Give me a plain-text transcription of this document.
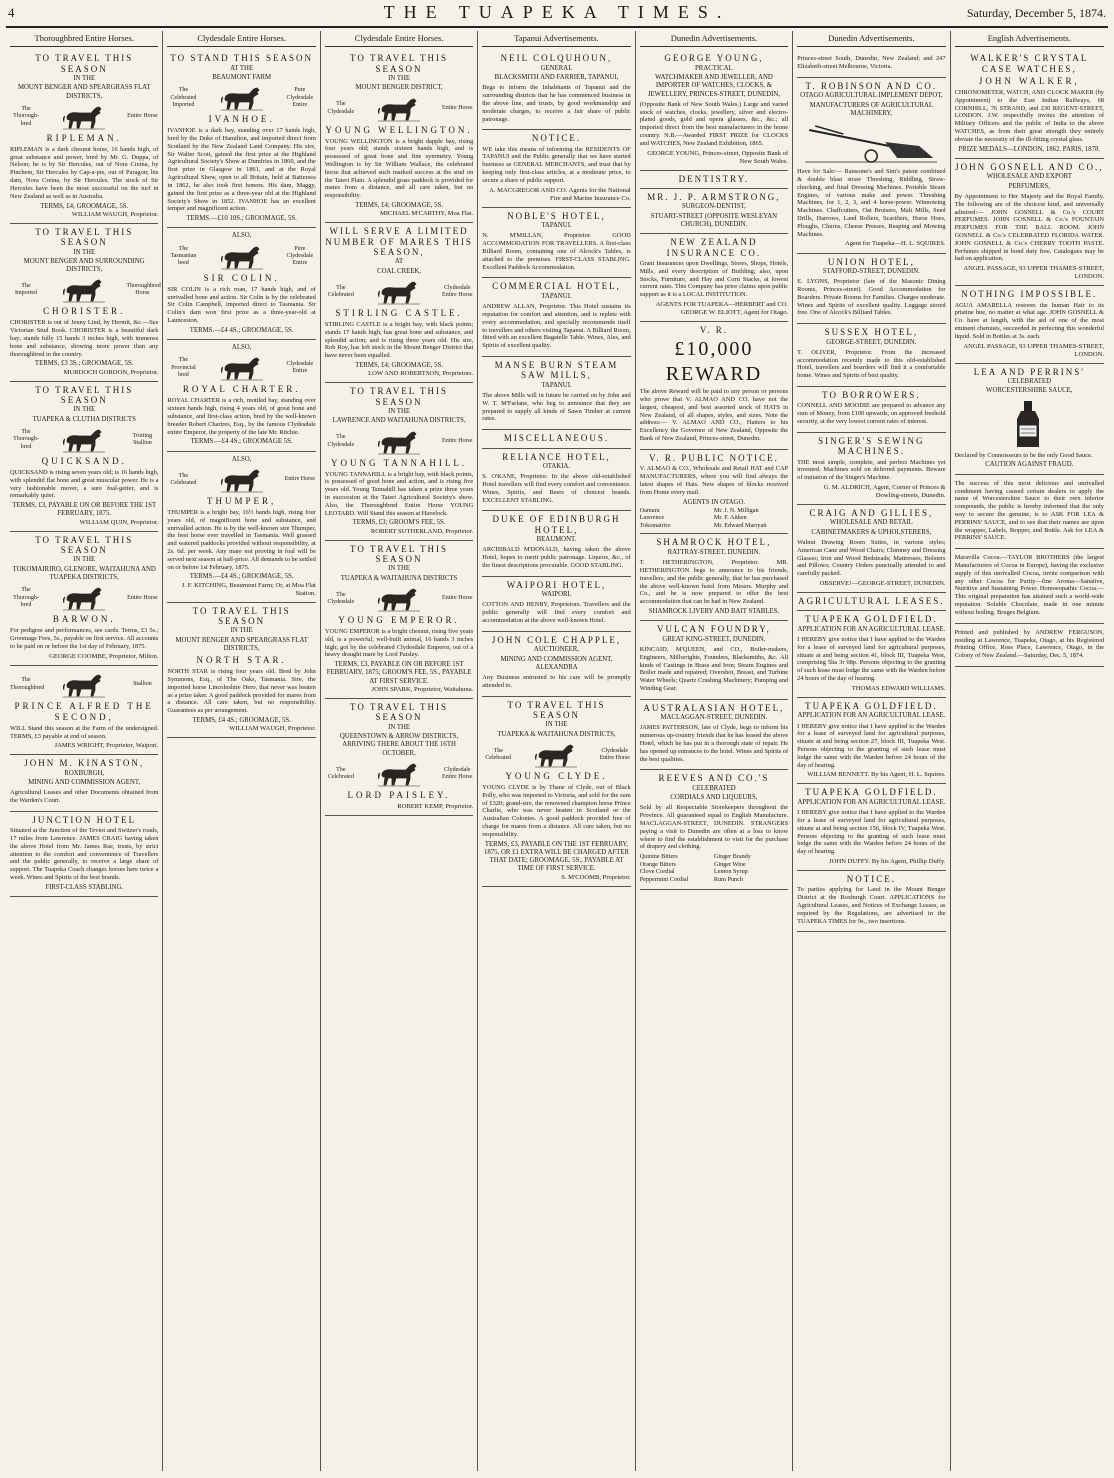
4	THE TUAPEKA TIMES.	Saturday, December 5, 1874.
Thoroughbred Entire Horses.
TO TRAVEL THIS SEASON
IN THE
MOUNT BENGER AND SPEARGRASS FLAT DISTRICTS,
The Thorough-bred
Entire Horse
RIPLEMAN.
RIPLEMAN is a dark chesnut horse, 16 hands high, of great substance and power, bred by Mr. G. Duppa, of Nelson; he is by Sir Hercules, out of Nora Creina, by Pinchem, Sir Hercules by Cap-a-pie, out of Paragon; his dam, Nora Creina, by Sir Hercules. The stock of Sir Hercules have been the most successful on the turf in New Zealand as well as in Australia.
TERMS, £4; GROOMAGE, 5S.
WILLIAM WAUGH, Proprietor.
TO TRAVEL THIS SEASON
IN THE
MOUNT BENGER AND SURROUNDING DISTRICTS,
The Imported
Thoroughbred Horse
CHORISTER.
CHORISTER is out of Jenny Lind, by Hermit, &c.—See Victorian Stud Book. CHORISTER is a beautiful dark bay; stands fully 15 hands 3 inches high, with immense bone and substance, showing more power than any thoroughbred in the country.
TERMS, £3 3S.; GROOMAGE, 5S.
MURDOCH GORDON, Proprietor.
TO TRAVEL THIS SEASON
IN THE
TUAPEKA & CLUTHA DISTRICTS
The Thorough-bred
Trotting Stallion
QUICKSAND.
QUICKSAND is rising seven years old; is 16 hands high, with splendid flat bone and great muscular power. He is a very fashionable mover, a sure foal-getter, and is remarkably quiet.
TERMS, £3, PAYABLE ON OR BEFORE THE 1ST FEBRUARY, 1875.
WILLIAM QUIN, Proprietor.
TO TRAVEL THIS SEASON
IN THE
TOKOMAIRIRO, GLENORE, WAITAHUNA AND TUAPEKA DISTRICTS,
The Thorough-bred
Entire Horse
BARWON.
For pedigree and performances, see cards. Terms, £3 5s.; Groomage Fees, 5s., payable on first service. All accounts to be paid on or before the 1st day of February, 1875.
GEORGE COOMBE, Proprietor, Milton.
The Thoroughbred
Stallion
PRINCE ALFRED THE SECOND,
WILL Stand this season at the Farm of the undersigned. TERMS, £3 payable at end of season.
JAMES WRIGHT, Proprietor, Waipori.
JOHN M. KINASTON,
ROXBURGH,
MINING AND COMMISSION AGENT,
Agricultural Leases and other Documents obtained from the Warden's Court.
JUNCTION HOTEL
Situated at the Junction of the Teviot and Switzer's roads, 17 miles from Lawrence. JAMES CRAIG having taken the above Hotel from Mr. James Rae, trusts, by strict attention to the comfort and convenience of Travellers and the public generally, to receive a large share of support. The Tuapeka Coach changes horses here twice a week. Wines and Spirits of the best brands.
FIRST-CLASS STABLING.
Clydesdale Entire Horses.
TO STAND THIS SEASON
AT THE
BEAUMONT FARM
The Celebrated Imported
Pure Clydesdale Entire
IVANHOE.
IVANHOE is a dark bay, standing over 17 hands high, bred by the Duke of Hamilton, and imported direct from Scotland by the New Zealand Land Company. His sire, Sir Walter Scott, gained the first prize at the Highland Agricultural Society's Show at Dumfries in 1860, and the first prize in Glasgow in 1861, and at the Royal Agricultural Show, open to all Britain, held at Battersea in 1862, he also took first honors. His dam, Maggy, gained the first prize as a three-year old at the Highland Society's Show in 1852. IVANHOE has an excellent temper and magnificent action.
TERMS.—£10 10S.; GROOMAGE, 5S.
ALSO,
The Tasmanian bred
Pure Clydesdale Entire
SIR COLIN.
SIR COLIN is a rich roan, 17 hands high, and of unrivalled bone and action. Sir Colin is by the celebrated Sir Colin Campbell, imported direct to Tasmania. Sir Colin's dam won first prize as a three-year-old at Launceston.
TERMS.—£4 4S.; GROOMAGE, 5S.
ALSO,
The Provincial bred
Clydesdale Entire
ROYAL CHARTER.
ROYAL CHARTER is a rich, mottled bay, standing over sixteen hands high, rising 4 years old, of great bone and substance, and first-class action, bred by the well-known breeder Robert Chartres, Esq., by the famous Clydesdale entire Emperor, the property of the late Mr. Ritchie.
TERMS.—£4 4S.; GROOMAGE 5S.
ALSO,
The Celebrated
Entire Horse
THUMPER,
THUMPER is a bright bay, 16½ hands high, rising four years old, of magnificent bone and substance, and unrivalled action. He is by the well-known sire Thumper, the best horse ever travelled in Tasmania. Well grassed and watered paddocks provided without responsibility, at 2s. 6d. per week. Any mare not proving in foal will be served next season at half-price. All demands to be settled on or before 1st February, 1875.
TERMS.—£4 4S.; GROOMAGE, 5S.
J. F. KITCHING, Beaumont Farm; Or, at Moa Flat Station.
TO TRAVEL THIS SEASON
IN THE
MOUNT BENGER AND SPEARGRASS FLAT DISTRICTS,
NORTH STAR.
NORTH STAR is rising four years old. Bred by John Symmons, Esq., of The Oaks, Tasmania. Sire, the imported horse Lincolnshire Hero, that never was beaten as a prize taker. A good paddock provided for mares from a distance. All care taken, but no responsibility. Guarantees as per arrangement.
TERMS, £4 4S.; GROOMAGE, 5S.
WILLIAM WAUGH, Proprietor.
Clydesdale Entire Horses.
TO TRAVEL THIS SEASON
IN THE
MOUNT BENGER DISTRICT,
The Clydesdale
Entire Horse
YOUNG WELLINGTON.
YOUNG WELLINGTON is a bright dapple bay, rising four years old; stands sixteen hands high, and is possessed of great bone and fine symmetry. Young Wellington is by Sir William Wallace, the celebrated horse that achieved such marked success at the stud on the Taieri Plain. A splendid grass paddock is provided for mares from a distance, and all care taken, but no responsibility.
TERMS, £4; GROOMAGE, 5S.
MICHAEL M'CARTHY, Moa Flat.
WILL SERVE A LIMITED NUMBER OF MARES THIS SEASON,
AT
COAL CREEK,
The Celebrated
Clydesdale Entire Horse
STIRLING CASTLE.
STIRLING CASTLE is a bright bay, with black points; stands 17 hands high; has great bone and substance, and splendid action; and is rising three years old. His sire, Rob Roy, has left stock in the Mount Benger District that have never been equalled.
TERMS, £4; GROOMAGE, 5S.
LOW AND ROBERTSON, Proprietors.
TO TRAVEL THIS SEASON
IN THE
LAWRENCE AND WAITAHUNA DISTRICTS,
The Clydesdale
Entire Horse
YOUNG TANNAHILL.
YOUNG TANNAHILL is a bright bay, with black points, is possessed of good bone and action, and is rising five years old. Young Tannahill has taken a prize three years in succession at the Taieri Agricultural Society's show. Also, the Thoroughbred Entire Horse YOUNG LEOTARD. Will Stand this season at Havelock.
TERMS, £3; GROOM'S FEE, 5S.
ROBERT SUTHERLAND, Proprietor.
TO TRAVEL THIS SEASON
IN THE
TUAPEKA & WAITAHUNA DISTRICTS
The Clydesdale
Entire Horse
YOUNG EMPEROR.
YOUNG EMPEROR is a bright chesnut, rising five years old, is a powerful, well-built animal, 16 hands 3 inches high; got by the celebrated Clydesdale Emperor, out of a heavy draught mare by Lord Paisley.
TERMS, £3, PAYABLE ON OR BEFORE 1ST FEBRUARY, 1875; GROOM'S FEE, 5S., PAYABLE AT FIRST SERVICE.
JOHN SPARK, Proprietor, Waitahuna.
TO TRAVEL THIS SEASON
IN THE
QUEENSTOWN & ARROW DISTRICTS, ARRIVING THERE ABOUT THE 16TH OCTOBER,
The Celebrated
Clydesdale Entire Horse
LORD PAISLEY.
ROBERT KEMP, Proprietor.
Tapanui Advertisements.
NEIL COLQUHOUN,
GENERAL
BLACKSMITH AND FARRIER, TAPANUI,
Begs to inform the Inhabitants of Tapanui and the surrounding districts that he has commenced business in the above line, and trusts, by good workmanship and moderate charges, to receive a fair share of public patronage.
NOTICE.
WE take this means of informing the RESIDENTS OF TAPANUI and the Public generally that we have started business as GENERAL MERCHANTS, and trust that by keeping only first-class articles, at a moderate price, to secure a share of public support.
A. MACGREGOR AND CO. Agents for the National Fire and Marine Insurance Co.
NOBLE'S HOTEL,
TAPANUI.
N. M'MILLAN, Proprietor. GOOD ACCOMMODATION FOR TRAVELLERS. A first-class Billiard Room, containing one of Alcock's Tables, is attached to the premises. FIRST-CLASS STABLING. Excellent Paddock Accommodation.
COMMERCIAL HOTEL,
TAPANUI.
ANDREW ALLAN, Proprietor. This Hotel sustains its reputation for comfort and attention, and is replete with every accommodation, and specially recommends itself to travellers and others visiting Tapanui. A Billiard Room, fitted with an excellent Bagatelle Table. Wines, Ales, and Spirits of excellent quality.
MANSE BURN STEAM SAW MILLS,
TAPANUI.
The above Mills will in future be carried on by John and W. T. M'Farlane, who beg to announce that they are prepared to supply all kinds of Sawn Timber at current rates.
MISCELLANEOUS.
RELIANCE HOTEL,
OTAKIA.
S. O'KANE, Proprietor. In the above old-established Hotel travellers will find every comfort and convenience. Wines, Spirits, and Beers of choicest brands. EXCELLENT STABLING.
DUKE OF EDINBURGH HOTEL,
BEAUMONT.
ARCHIBALD M'DONALD, having taken the above Hotel, hopes to merit public patronage. Liquors, &c., of the finest descriptions procurable. GOOD STABLING.
WAIPORI HOTEL,
WAIPORI.
COTTON AND HENRY, Proprietors. Travellers and the public generally will find every comfort and accommodation at the above well-known Hotel.
JOHN COLE CHAPPLE,
AUCTIONEER,
MINING AND COMMISSION AGENT, ALEXANDRA
Any Business entrusted to his care will be promptly attended to.
TO TRAVEL THIS SEASON
IN THE
TUAPEKA & WAITAHUNA DISTRICTS,
The Celebrated
Clydesdale Entire Horse
YOUNG CLYDE.
YOUNG CLYDE is by Thane of Clyde, out of Black Polly, who was imported to Victoria, and sold for the sum of £320; grand-sire, the renowned champion horse Prince Charlie, who was never beaten in Scotland or the Australian Colonies. A good paddock provided free of charge for mares from a distance. All care taken, but no responsibility.
TERMS, £3, PAYABLE ON THE 1ST FEBRUARY, 1875, OR £1 EXTRA WILL BE CHARGED AFTER THAT DATE; GROOMAGE, 5S., PAYABLE AT TIME OF FIRST SERVICE.
S. M'COOMB, Proprietor.
Dunedin Advertisements.
GEORGE YOUNG,
PRACTICAL
WATCHMAKER AND JEWELLER, AND IMPORTER OF WATCHES, CLOCKS, & JEWELLERY, PRINCES-STREET, DUNEDIN,
(Opposite Bank of New South Wales.) Large and varied stock of watches, clocks, jewellery, silver and electro-plated goods, gold and opera glasses, &c., &c.; all imported direct from the best manufacturers in the home country. N.B.—Awarded FIRST PRIZE for CLOCKS and WATCHES, New Zealand Exhibition, 1865.
GEORGE YOUNG, Princes-street, Opposite Bank of New South Wales.
DENTISTRY.
MR. J. P. ARMSTRONG,
SURGEON-DENTIST,
STUART-STREET (OPPOSITE WESLEYAN CHURCH), DUNEDIN.
NEW ZEALAND INSURANCE CO.
Grant Insurances upon Dwellings, Stores, Shops, Hotels, Mills, and every description of Building; also, upon Stocks, Furniture, and Hay and Corn Stacks, at lowest current rates. This Company has prior claims upon public support as it is a LOCAL INSTITUTION.
AGENTS FOR TUAPEKA—HERBERT and CO. GEORGE W. ELIOTT, Agent for Otago.
V. R.
£10,000 REWARD
The above Reward will be paid to any person or persons who prove that V. ALMAO AND CO. have not the largest, cheapest, and best assorted stock of HATS in New Zealand, of all shapes, styles, and sizes. Note the address:— V. ALMAO AND CO., Hatters to his Excellency the Governor of New Zealand, Opposite the Bank of New Zealand, Princes-street, Dunedin.
V. R. PUBLIC NOTICE.
V. ALMAO & CO., Wholesale and Retail HAT and CAP MANUFACTURERS, where you will find always the latest shapes of Hats. New shapes of blocks received from Home every mail.
AGENTS IN OTAGO.
Oamaru	Mr. J. N. Milligan
Lawrence	Mr. F. Aitken
Tokomairiro	Mr. Edward Marryatt
SHAMROCK HOTEL,
RATTRAY-STREET, DUNEDIN.
T. HETHERINGTON, Proprietor. MR. HETHERINGTON begs to announce to his friends, travellers, and the public generally, that he has purchased the above well-known hotel from Messrs. Murphy and Co., and he is now prepared to offer the best accommodation that can be had in New Zealand.
SHAMROCK LIVERY AND BAIT STABLES.
VULCAN FOUNDRY,
GREAT KING-STREET, DUNEDIN.
KINCAID, M'QUEEN, and CO., Boiler-makers, Engineers, Millwrights, Founders, Blacksmiths, &c. All kinds of Castings in Brass and Iron; Steam Engines and Boiler made and repaired; Overshot, Breast, and Turbine Water Wheels; Quartz Crushing Machinery; Pumping and Winding Gear.
AUSTRALASIAN HOTEL,
MACLAGGAN-STREET, DUNEDIN.
JAMES PATTERSON, late of Clyde, begs to inform his numerous up-country friends that he has leased the above Hotel, which he has put in a thorough state of repair. He has opened up entrances to the hotel. Wines and Spirits of the best qualities.
REEVES AND CO.'S
CELEBRATED
CORDIALS AND LIQUEURS,
Sold by all Respectable Storekeepers throughout the Province. All guaranteed equal to English Manufacture. MACLAGGAN-STREET, DUNEDIN. STRANGERS paying a visit to Dunedin are often at a loss to know where to find the establishment to visit for the purchase of drapery and clothing.
Quinine Bitters	Ginger Brandy
Orange Bitters	Ginger Wine
Clove Cordial	Lemon Syrup
Peppermint Cordial	Rum Punch
Dunedin Advertisements.
Princes-street South, Dunedin, New Zealand; and 247 Elizabeth-street Melbourne, Victoria.
T. ROBINSON AND CO.
OTAGO AGRICULTURAL IMPLEMENT DEPOT,
MANUFACTURERS OF AGRICULTURAL MACHINERY,
Have for Sale:— Ransome's and Sim's patent combined & double blast straw Threshing, Riddling, Straw-chucking, and final Dressing Machines. Portable Steam Engines, of various make and power. Threshing Machines, for 1, 2, 3, and 4 horse-power. Winnowing Machines. Chaffcutters, Oat Bruisers, Malt Mills, Seed Drills, Harrows, Land Rollers, Scarifiers, Horse Hoes, Ploughs, Churns, Cheese Presses, Reaping and Mowing Machines.
Agent for Tuapeka—H. L. SQUIRES.
UNION HOTEL,
STAFFORD-STREET, DUNEDIN.
E. LYONS, Proprietor (late of the Masonic Dining Rooms, Princes-street). Good Accommodation for Boarders. Private Rooms for Families. Charges moderate. Wines and Spirits of excellent quality. Luggage stored free. One of Alcock's Billiard Tables.
SUSSEX HOTEL,
GEORGE-STREET, DUNEDIN.
T. OLIVER, Proprietor. From the increased accommodation recently made to this old-established Hotel, travellers and boarders will find it a comfortable home. Wines and Spirits of best quality.
TO BORROWERS.
CONNELL AND MOODIE are prepared to advance any sum of Money, from £100 upwards, on approved freehold security, at the very lowest current rates of interest.
SINGER'S SEWING MACHINES.
THE most simple, complete, and perfect Machines yet invented. Machines sold on deferred payments. Beware of imitation of the Singer's Machine.
G. M. ALDRICH, Agent, Corner of Princes & Dowling-streets, Dunedin.
CRAIG AND GILLIES,
WHOLESALE AND RETAIL
CABINETMAKERS & UPHOLSTERERS,
Walnut Drawing Room Suites, in various styles; American Cane and Wood Chairs; Chimney and Dressing Glasses; Iron and Wood Bedsteads; Mattresses, Bolsters and Pillows; Country Orders punctually attended to and carefully packed.
OBSERVE!—GEORGE-STREET, DUNEDIN.
AGRICULTURAL LEASES.
TUAPEKA GOLDFIELD.
APPLICATION FOR AN AGRICULTURAL LEASE.
I HEREBY give notice that I have applied to the Warden for a lease of surveyed land for agricultural purposes, situate at and being section 41, block III, Tuapeka West, comprising 5ha 3r 08p. Persons objecting to the granting of such lease must lodge the same with the Warden before 24 hours of the day of hearing.
THOMAS EDWARD WILLIAMS.
TUAPEKA GOLDFIELD.
APPLICATION FOR AN AGRICULTURAL LEASE.
I HEREBY give notice that I have applied to the Warden for a lease of surveyed land for agricultural purposes, situate at and being section 27, block III, Tuapeka West. Persons objecting to the granting of such lease must lodge the same with the Warden before 24 hours of the day of hearing.
WILLIAM BENNETT. By his Agent, H. L. Squires.
TUAPEKA GOLDFIELD.
APPLICATION FOR AN AGRICULTURAL LEASE.
I HEREBY give notice that I have applied to the Warden for a lease of surveyed land for agricultural purposes, situate at and being section 156, block IV, Tuapeka West. Persons objecting to the granting of such lease must lodge the same with the Warden before 24 hours of the day of hearing.
JOHN DUFFY. By his Agent, Phillip Duffy.
NOTICE.
To parties applying for Land in the Mount Benger District at the Roxburgh Court. APPLICATIONS for Agricultural Leases, and Notices of Exchange Leases, as required by the Regulations, are advertised in the TUAPEKA TIMES for 9s., two insertions.
English Advertisements.
WALKER'S CRYSTAL CASE WATCHES,
JOHN WALKER,
CHRONOMETER, WATCH, AND CLOCK MAKER (by Appointment) to the East Indian Railways, 68 CORNHILL, 76 STRAND, and 230 REGENT-STREET, LONDON. J.W. respectfully invites the attention of Military Officers and the public of India to the above WATCHES, as from their great strength they entirely obviate the necessity of the ill-fitting crystal glass.
PRIZE MEDALS—LONDON, 1862. PARIS, 1878.
JOHN GOSNELL AND CO.,
WHOLESALE AND EXPORT
PERFUMERS,
By Appointment to Her Majesty and the Royal Family. The following are of the choicest kind, and universally admired:— JOHN GOSNELL & Co.'s COURT PERFUMES. JOHN GOSNELL & Co.'s FOUNTAIN PERFUMES FOR THE BALL ROOM. JOHN GOSNELL & Co.'s CELEBRATED FLORIDA WATER. JOHN GOSNELL & Co.'s CHERRY TOOTH PASTE. Perfumes shipped in bond duty free. Catalogues may be had on application.
ANGEL PASSAGE, 93 UPPER THAMES-STREET, LONDON.
NOTHING IMPOSSIBLE.
AGUA AMARELLA restores the human Hair to its pristine hue, no matter at what age. JOHN GOSNELL & Co. have at length, with the aid of one of the most eminent chemists, succeeded in perfecting this wonderful liquid. Sold in Bottles at 3s. each.
ANGEL PASSAGE, 93 UPPER THAMES-STREET, LONDON.
LEA AND PERRINS'
CELEBRATED
WORCESTERSHIRE SAUCE,
Declared by Connoisseurs to be the only Good Sauce.
CAUTION AGAINST FRAUD.
The success of this most delicious and unrivalled condiment having caused certain dealers to apply the name of Worcestershire Sauce to their own inferior compounds, the public is hereby informed that the only way to secure the genuine, is to ASK FOR LEA & PERRINS' SAUCE, and to see that their names are upon the wrapper, Labels, Stopper, and Bottle. Ask for LEA & PERRINS' SAUCE.
Maravilla Cocoa.—TAYLOR BROTHERS (the largest Manufacturers of Cocoa in Europe), having the exclusive supply of this unrivalled Cocoa, invite comparison with any other Cocoa for Purity—fine Aroma—Sanative, Nutritive and Sustaining Power. Homoeopathic Cocoa.—This original preparation has attained such a world-wide reputation. Soluble Chocolate, made in one minute without boiling. Bruges Belgium.
Printed and published by ANDREW FERGUSON, residing at Lawrence, Tuapeka, Otago, at his Registered Printing Office, Ross Place, Lawrence, Otago, in the Colony of New Zealand.—Saturday, Dec. 5, 1874.
